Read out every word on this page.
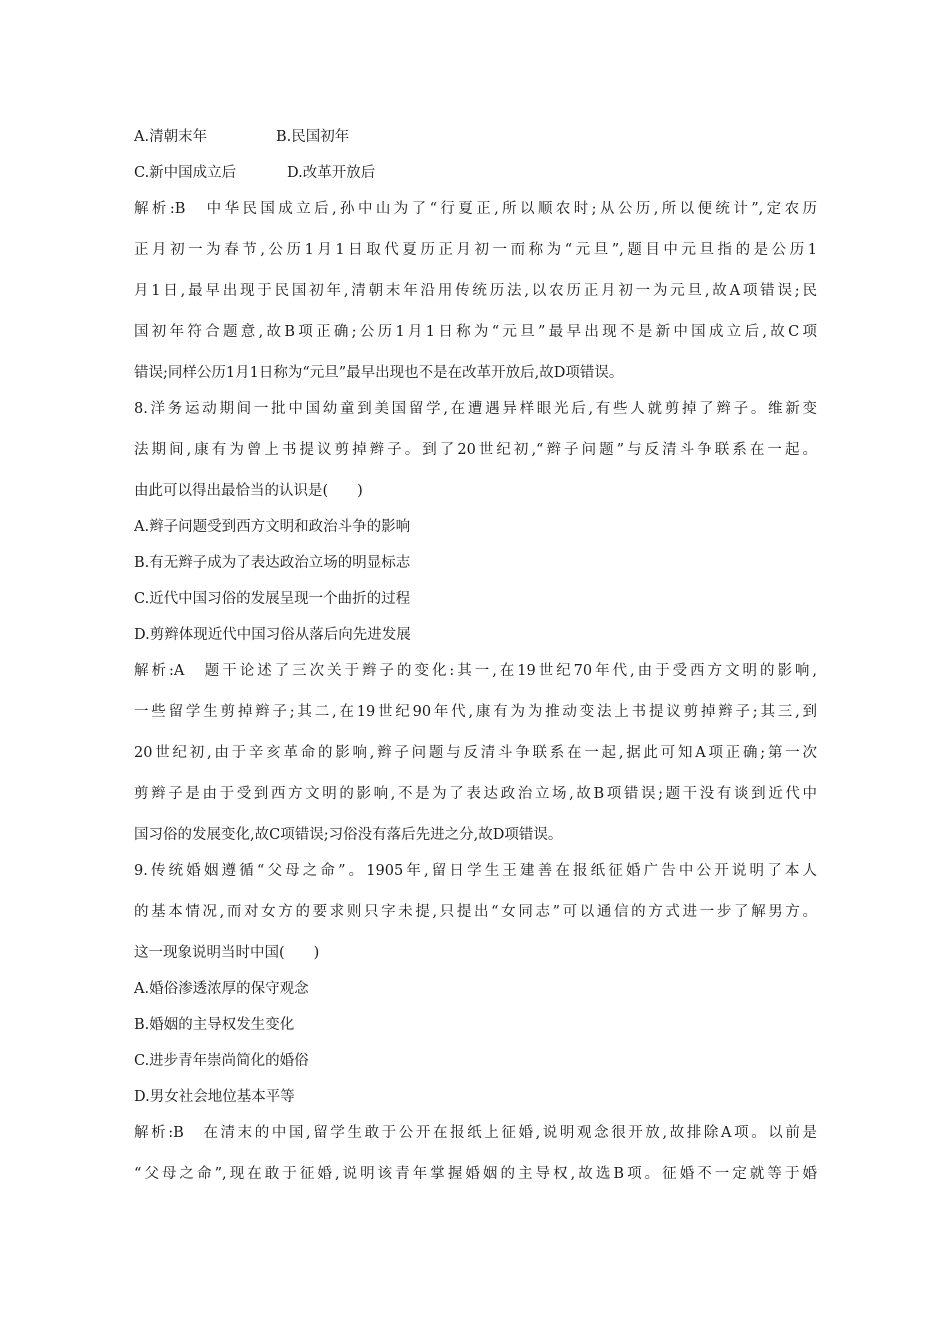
A.清朝末年	B.民国初年
C.新中国成立后	D.改革开放后
解析:B　中华民国成立后,孙中山为了“行夏正,所以顺农时;从公历,所以便统计”,定农历
正月初一为春节,公历1月1日取代夏历正月初一而称为“元旦”,题目中元旦指的是公历1
月1日,最早出现于民国初年,清朝末年沿用传统历法,以农历正月初一为元旦,故A项错误;民
国初年符合题意,故B项正确;公历1月1日称为“元旦”最早出现不是新中国成立后,故C项
错误;同样公历1月1日称为“元旦”最早出现也不是在改革开放后,故D项错误。
8.洋务运动期间一批中国幼童到美国留学,在遭遇异样眼光后,有些人就剪掉了辫子。维新变
法期间,康有为曾上书提议剪掉辫子。到了20世纪初,“辫子问题”与反清斗争联系在一起。
由此可以得出最恰当的认识是(　　)
A.辫子问题受到西方文明和政治斗争的影响
B.有无辫子成为了表达政治立场的明显标志
C.近代中国习俗的发展呈现一个曲折的过程
D.剪辫体现近代中国习俗从落后向先进发展
解析:A　题干论述了三次关于辫子的变化:其一,在19世纪70年代,由于受西方文明的影响,
一些留学生剪掉辫子;其二,在19世纪90年代,康有为为推动变法上书提议剪掉辫子;其三,到
20世纪初,由于辛亥革命的影响,辫子问题与反清斗争联系在一起,据此可知A项正确;第一次
剪辫子是由于受到西方文明的影响,不是为了表达政治立场,故B项错误;题干没有谈到近代中
国习俗的发展变化,故C项错误;习俗没有落后先进之分,故D项错误。
9.传统婚姻遵循“父母之命”。1905年,留日学生王建善在报纸征婚广告中公开说明了本人
的基本情况,而对女方的要求则只字未提,只提出“女同志”可以通信的方式进一步了解男方。
这一现象说明当时中国(　　)
A.婚俗渗透浓厚的保守观念
B.婚姻的主导权发生变化
C.进步青年崇尚简化的婚俗
D.男女社会地位基本平等
解析:B　在清末的中国,留学生敢于公开在报纸上征婚,说明观念很开放,故排除A项。以前是
“父母之命”,现在敢于征婚,说明该青年掌握婚姻的主导权,故选B项。征婚不一定就等于婚
